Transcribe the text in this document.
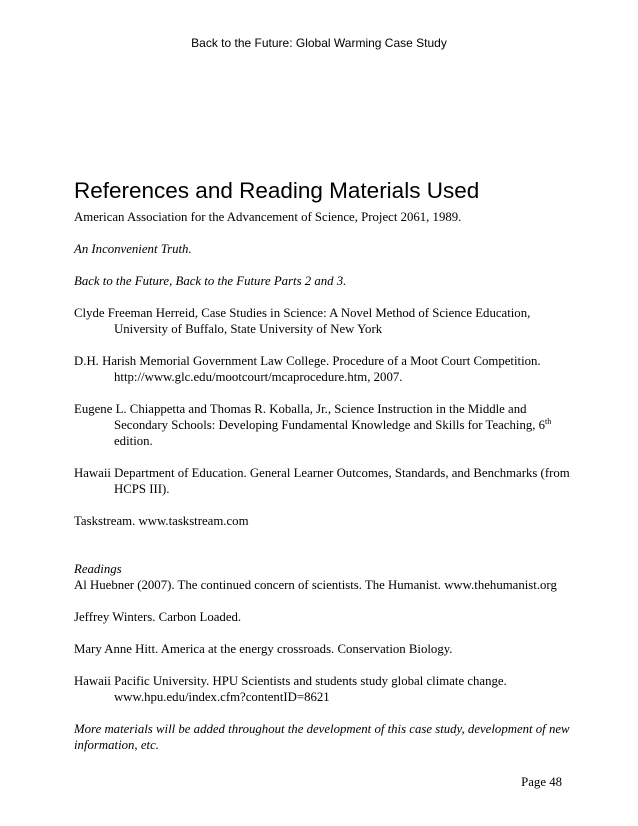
Back to the Future: Global Warming Case Study
References and Reading Materials Used

American Association for the Advancement of Science, Project 2061, 1989.

An Inconvenient Truth.

Back to the Future, Back to the Future Parts 2 and 3.

Clyde Freeman Herreid, Case Studies in Science: A Novel Method of Science Education, University of Buffalo, State University of New York

D.H. Harish Memorial Government Law College. Procedure of a Moot Court Competition. http://www.glc.edu/mootcourt/mcaprocedure.htm, 2007.

Eugene L. Chiappetta and Thomas R. Koballa, Jr., Science Instruction in the Middle and Secondary Schools: Developing Fundamental Knowledge and Skills for Teaching, 6th edition.

Hawaii Department of Education. General Learner Outcomes, Standards, and Benchmarks (from HCPS III).

Taskstream. www.taskstream.com

Readings

Al Huebner (2007). The continued concern of scientists. The Humanist. www.thehumanist.org

Jeffrey Winters. Carbon Loaded.

Mary Anne Hitt. America at the energy crossroads. Conservation Biology.

Hawaii Pacific University. HPU Scientists and students study global climate change. www.hpu.edu/index.cfm?contentID=8621

More materials will be added throughout the development of this case study, development of new information, etc.

Page 48
